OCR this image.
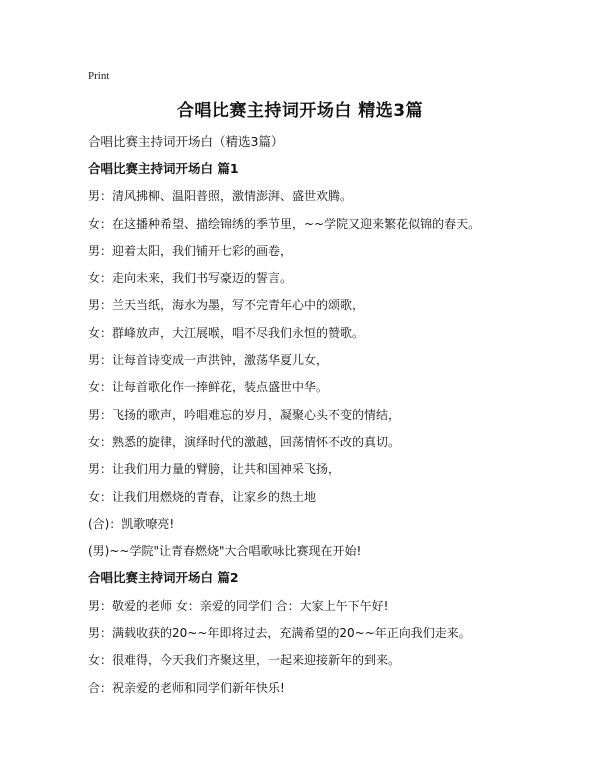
Print
合唱比赛主持词开场白 精选3篇
合唱比赛主持词开场白（精选3篇）
合唱比赛主持词开场白 篇1
男：清风拂柳、温阳普照，激情澎湃、盛世欢腾。
女：在这播种希望、描绘锦绣的季节里，~~学院又迎来繁花似锦的春天。
男：迎着太阳，我们铺开七彩的画卷，
女：走向未来，我们书写豪迈的誓言。
男：兰天当纸，海水为墨，写不完青年心中的颂歌，
女：群峰放声，大江展喉，唱不尽我们永恒的赞歌。
男：让每首诗变成一声洪钟，激荡华夏儿女，
女：让每首歌化作一捧鲜花，装点盛世中华。
男：飞扬的歌声，吟唱难忘的岁月，凝聚心头不变的情结，
女：熟悉的旋律，演绎时代的激越，回荡情怀不改的真切。
男：让我们用力量的臂膀，让共和国神采飞扬，
女：让我们用燃烧的青春，让家乡的热土地
(合)：凯歌嘹亮!
(男)~~学院"让青春燃烧"大合唱歌咏比赛现在开始!
合唱比赛主持词开场白 篇2
男：敬爱的老师 女：亲爱的同学们 合：大家上午下午好!
男：满载收获的20~~年即将过去，充满希望的20~~年正向我们走来。
女：很难得，今天我们齐聚这里，一起来迎接新年的到来。
合：祝亲爱的老师和同学们新年快乐!
